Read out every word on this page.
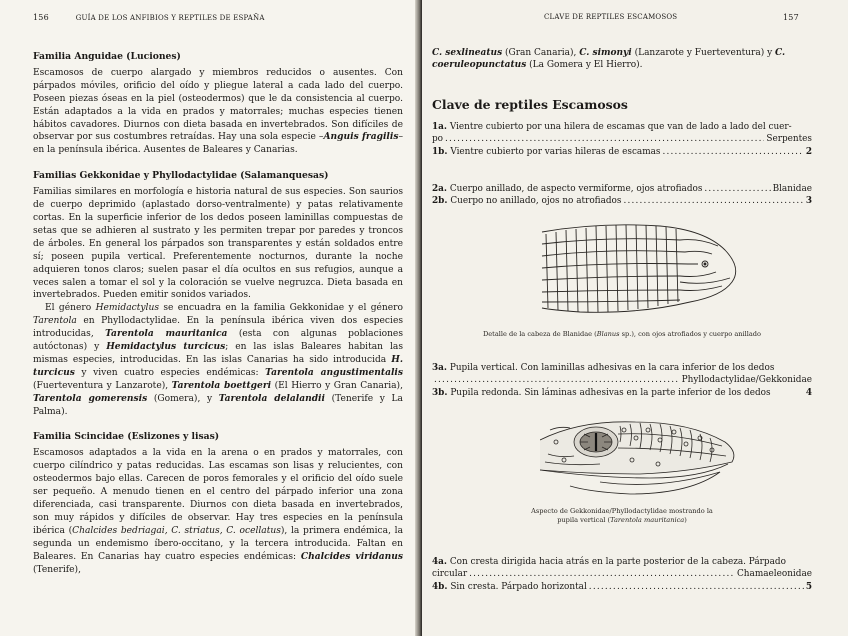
156	GUÍA DE LOS ANFIBIOS Y REPTILES DE ESPAÑA
Familia Anguidae (Luciones)

Escamosos de cuerpo alargado y miembros reducidos o ausentes. Con párpados móviles, orificio del oído y pliegue lateral a cada lado del cuerpo. Poseen piezas óseas en la piel (osteodermos) que le da consistencia al cuerpo. Están adaptados a la vida en prados y matorrales; muchas especies tienen hábitos cavadores. Diurnos con dieta basada en invertebrados. Son difíciles de observar por sus costumbres retraídas. Hay una sola especie –Anguis fragilis– en la península ibérica. Ausentes de Baleares y Canarias.

Familias Gekkonidae y Phyllodactylidae (Salamanquesas)

Familias similares en morfología e historia natural de sus especies. Son saurios de cuerpo deprimido (aplastado dorso-ventralmente) y patas relativamente cortas. En la superficie inferior de los dedos poseen laminillas compuestas de setas que se adhieren al sustrato y les permiten trepar por paredes y troncos de árboles. En general los párpados son transparentes y están soldados entre sí; poseen pupila vertical. Preferentemente nocturnos, durante la noche adquieren tonos claros; suelen pasar el día ocultos en sus refugios, aunque a veces salen a tomar el sol y la coloración se vuelve negruzca. Dieta basada en invertebrados. Pueden emitir sonidos variados.

El género Hemidactylus se encuadra en la familia Gekkonidae y el género Tarentola en Phyllodactylidae. En la península ibérica viven dos especies introducidas, Tarentola mauritanica (esta con algunas poblaciones autóctonas) y Hemidactylus turcicus; en las islas Baleares habitan las mismas especies, introducidas. En las islas Canarias ha sido introducida H. turcicus y viven cuatro especies endémicas: Tarentola angustimentalis (Fuerteventura y Lanzarote), Tarentola boettgeri (El Hierro y Gran Canaria), Tarentola gomerensis (Gomera), y Tarentola delalandii (Tenerife y La Palma).

Familia Scincidae (Eslizones y lisas)

Escamosos adaptados a la vida en la arena o en prados y matorrales, con cuerpo cilíndrico y patas reducidas. Las escamas son lisas y relucientes, con osteodermos bajo ellas. Carecen de poros femorales y el orificio del oído suele ser pequeño. A menudo tienen en el centro del párpado inferior una zona diferenciada, casi transparente. Diurnos con dieta basada en invertebrados, son muy rápidos y difíciles de observar. Hay tres especies en la península ibérica (Chalcides bedriagai, C. striatus, C. ocellatus), la primera endémica, la segunda un endemismo íbero-occitano, y la tercera introducida. Faltan en Baleares. En Canarias hay cuatro especies endémicas: Chalcides viridanus (Tenerife),

CLAVE DE REPTILES ESCAMOSOS	157

C. sexlineatus (Gran Canaria), C. simonyi (Lanzarote y Fuerteventura) y C. coeruleopunctatus (La Gomera y El Hierro).

Clave de reptiles Escamosos
1a.
Vientre cubierto por una hilera de escamas que van de lado a lado del cuer-
po .....	Serpentes
1b.
Vientre cubierto por varias hileras de escamas .....	2
2a.
Cuerpo anillado, de aspecto vermiforme, ojos atrofiados .....	Blanidae
2b.
Cuerpo no anillado, ojos no atrofiados .....	3
Detalle de la cabeza de Blanidae (Blanus sp.), con ojos atrofiados y cuerpo anillado
3a.
Pupila vertical. Con laminillas adhesivas en la cara inferior de los dedos
.....
Phyllodactylidae/Gekkonidae
3b.
Pupila redonda. Sin láminas adhesivas en la parte inferior de los dedos	4
Aspecto de Gekkonidae/Phyllodactylidae mostrando la
pupila vertical (Tarentola mauritanica)
4a.
Con cresta dirigida hacia atrás en la parte posterior de la cabeza. Párpado
circular .....	Chamaeleonidae
4b.
Sin cresta. Párpado horizontal .....	5
